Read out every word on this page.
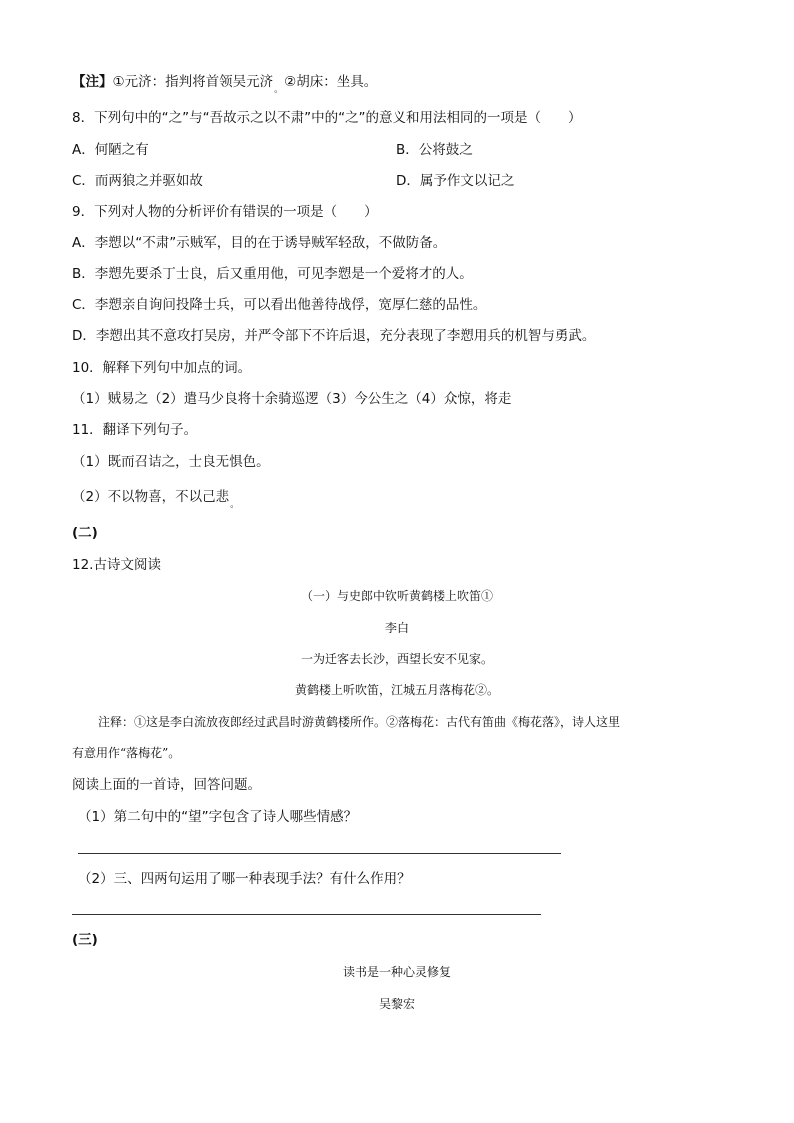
【注】①元济：指判将首领吴元济$_。$②胡床：坐具。
8．下列句中的“之”与“吾故示之以不肃”中的“之”的意义和用法相同的一项是（　　）
A．何陋之有	B．公将鼓之
C．而两狼之并驱如故	D．属予作文以记之
9．下列对人物的分析评价有错误的一项是（　　）
A．李愬以“不肃”示贼军，目的在于诱导贼军轻敌，不做防备。
B．李愬先要杀丁士良，后又重用他，可见李愬是一个爱将才的人。
C．李愬亲自询问投降士兵，可以看出他善待战俘，宽厚仁慈的品性。
D．李愬出其不意攻打吴房，并严令部下不许后退，充分表现了李愬用兵的机智与勇武。
10．解释下列句中加点的词。
（1）贼易之（2）遣马少良将十余骑巡逻（3）今公生之（4）众惊，将走
11．翻译下列句子。
（1）既而召诘之，士良无惧色。
（2）不以物喜，不以己悲$_。$
(二)
12.古诗文阅读
（一）与史郎中钦听黄鹤楼上吹笛①
李白
一为迁客去长沙，西望长安不见家。
黄鹤楼上听吹笛，江城五月落梅花②。
注释：①这是李白流放夜郎经过武昌时游黄鹤楼所作。②落梅花：古代有笛曲《梅花落》，诗人这里
有意用作“落梅花”。
阅读上面的一首诗，回答问题。
（1）第二句中的“望”字包含了诗人哪些情感？
（2）三、四两句运用了哪一种表现手法？有什么作用？
(三)
读书是一种心灵修复
吴黎宏
